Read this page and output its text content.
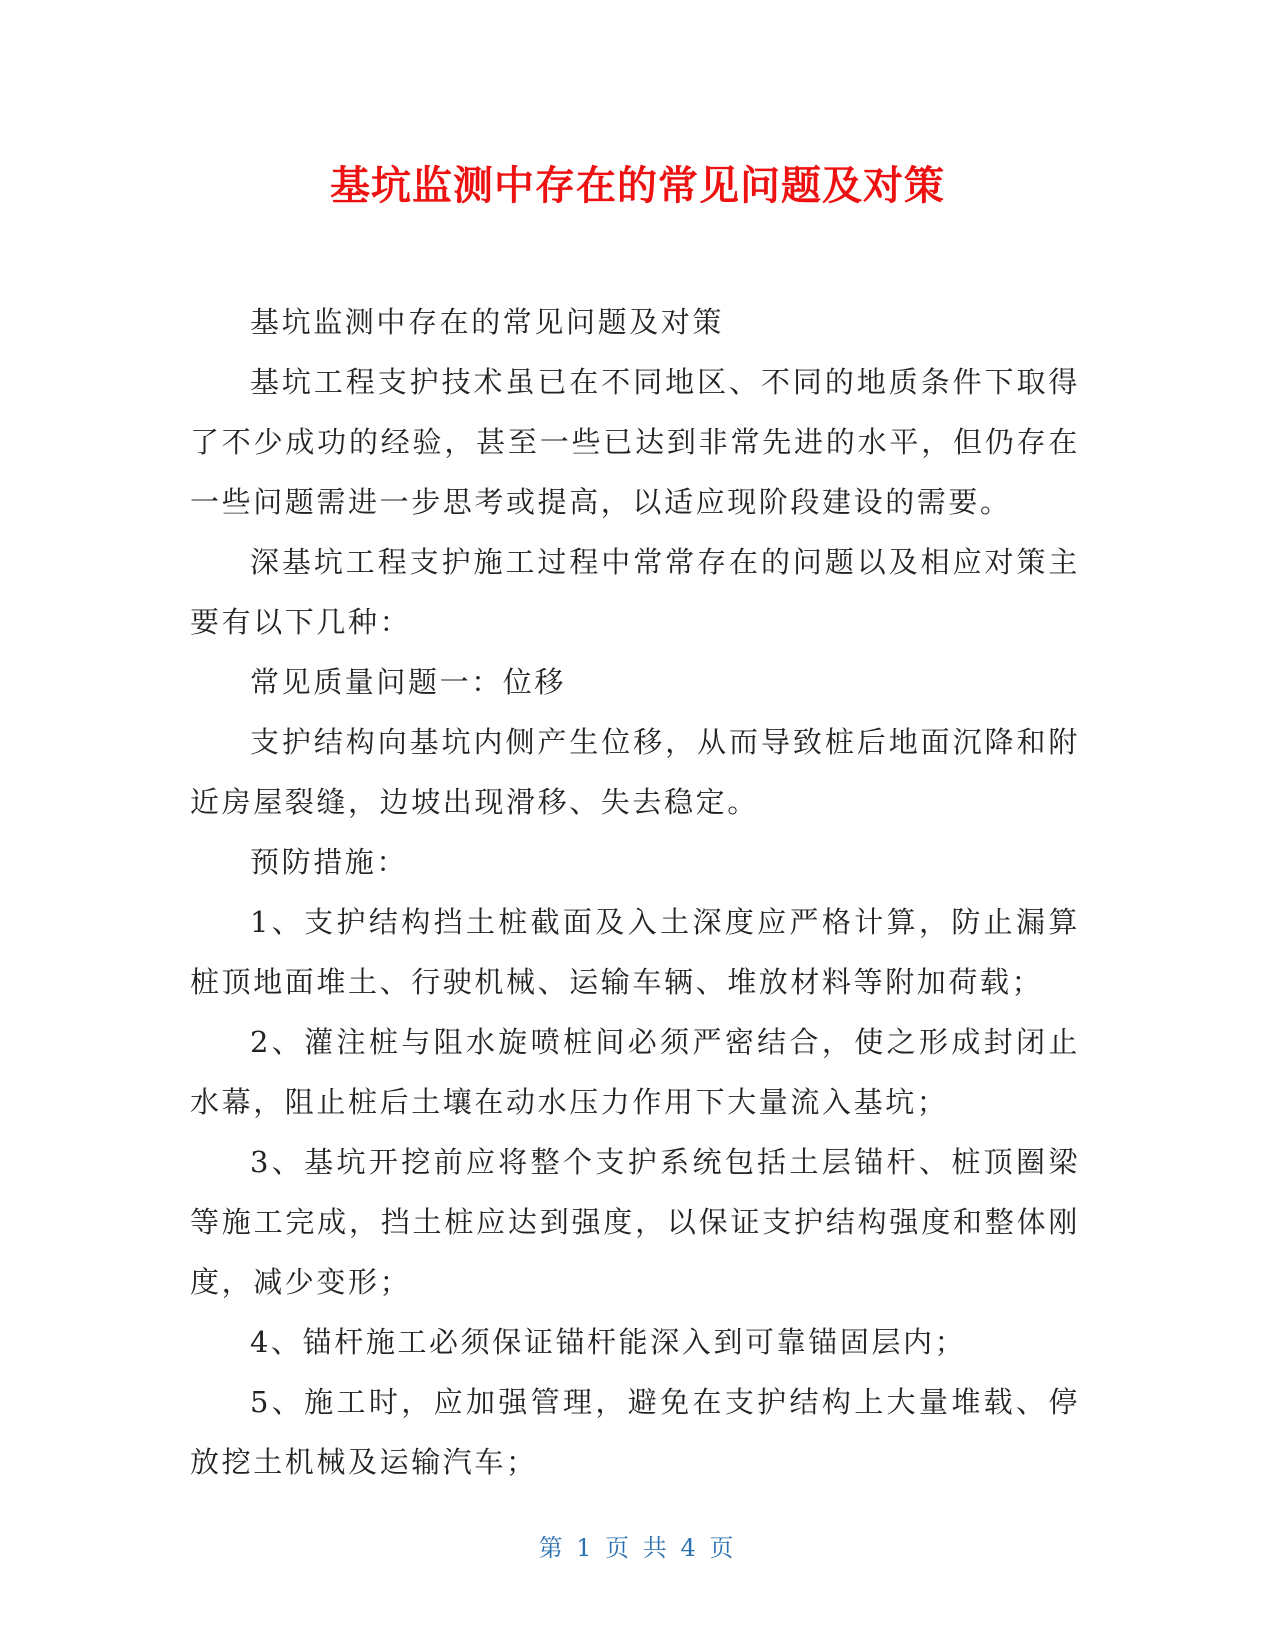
基坑监测中存在的常见问题及对策

基坑监测中存在的常见问题及对策

基坑工程支护技术虽已在不同地区、不同的地质条件下取得了不少成功的经验，甚至一些已达到非常先进的水平，但仍存在一些问题需进一步思考或提高，以适应现阶段建设的需要。

深基坑工程支护施工过程中常常存在的问题以及相应对策主要有以下几种：

常见质量问题一：位移

支护结构向基坑内侧产生位移，从而导致桩后地面沉降和附近房屋裂缝，边坡出现滑移、失去稳定。

预防措施：

1、支护结构挡土桩截面及入土深度应严格计算，防止漏算桩顶地面堆土、行驶机械、运输车辆、堆放材料等附加荷载；

2、灌注桩与阻水旋喷桩间必须严密结合，使之形成封闭止水幕，阻止桩后土壤在动水压力作用下大量流入基坑；

3、基坑开挖前应将整个支护系统包括土层锚杆、桩顶圈梁等施工完成，挡土桩应达到强度，以保证支护结构强度和整体刚度，减少变形；

4、锚杆施工必须保证锚杆能深入到可靠锚固层内；

5、施工时，应加强管理，避免在支护结构上大量堆载、停放挖土机械及运输汽车；

第 1 页 共 4 页
